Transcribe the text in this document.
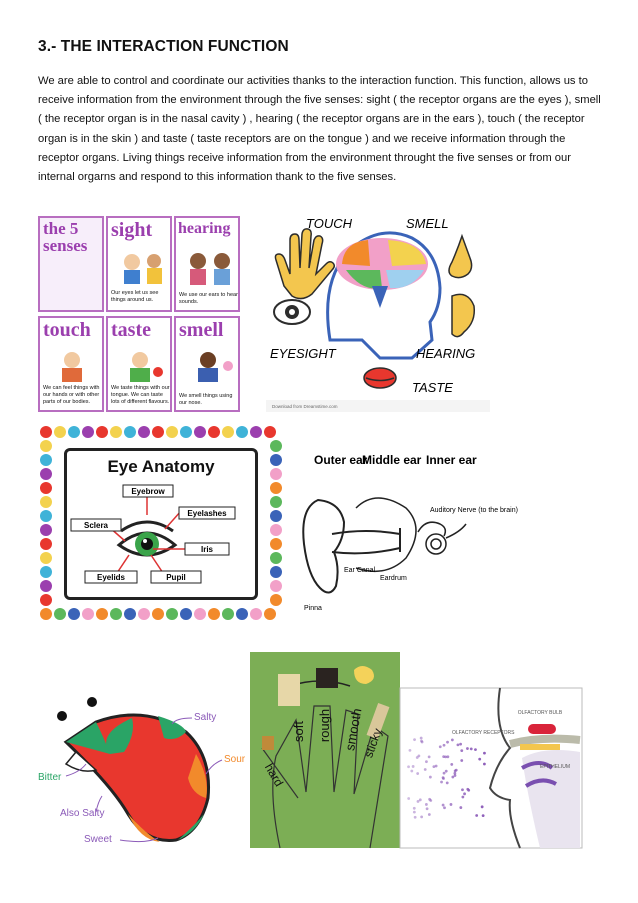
3.- THE INTERACTION FUNCTION
We are able to control and coordinate our activities thanks to the interaction function. This function, allows us to receive information from the environment through the five senses: sight ( the receptor organs are the eyes ), smell ( the receptor organ is in the nasal cavity ) , hearing ( the receptor organs are in the ears ), touch ( the receptor organ is in the skin ) and taste ( taste receptors are on the tongue ) and we receive information through the receptor organs. Living things receive information from the environment throught the five senses or from our internal orgarns and respond to this information thank to the five senses.
the 5 senses
sight
Our eyes let us see things around us.
hearing
We use our ears to hear sounds.
touch
We can feel things with our hands or with other parts of our bodies.
taste
We taste things with our tongue. We can taste lots of different flavours.
smell
We smell things using our nose.
TOUCH	SMELL
EYESIGHT	HEARING
TASTE
Download from Dreamstime.com
Eye Anatomy
Eyebrow
Eyelashes
Sclera
Iris
Eyelids	Pupil
Outer ear
Middle ear Inner ear
Auditory Nerve (to the brain)
Ear Canal
Eardrum
Pinna
Salty
Sour
Bitter
Also Salty
Sweet
hard
soft rough smooth
sticky
OLFACTORY BULB
OLFACTORY RECEPTORS
EPITHELIUM
